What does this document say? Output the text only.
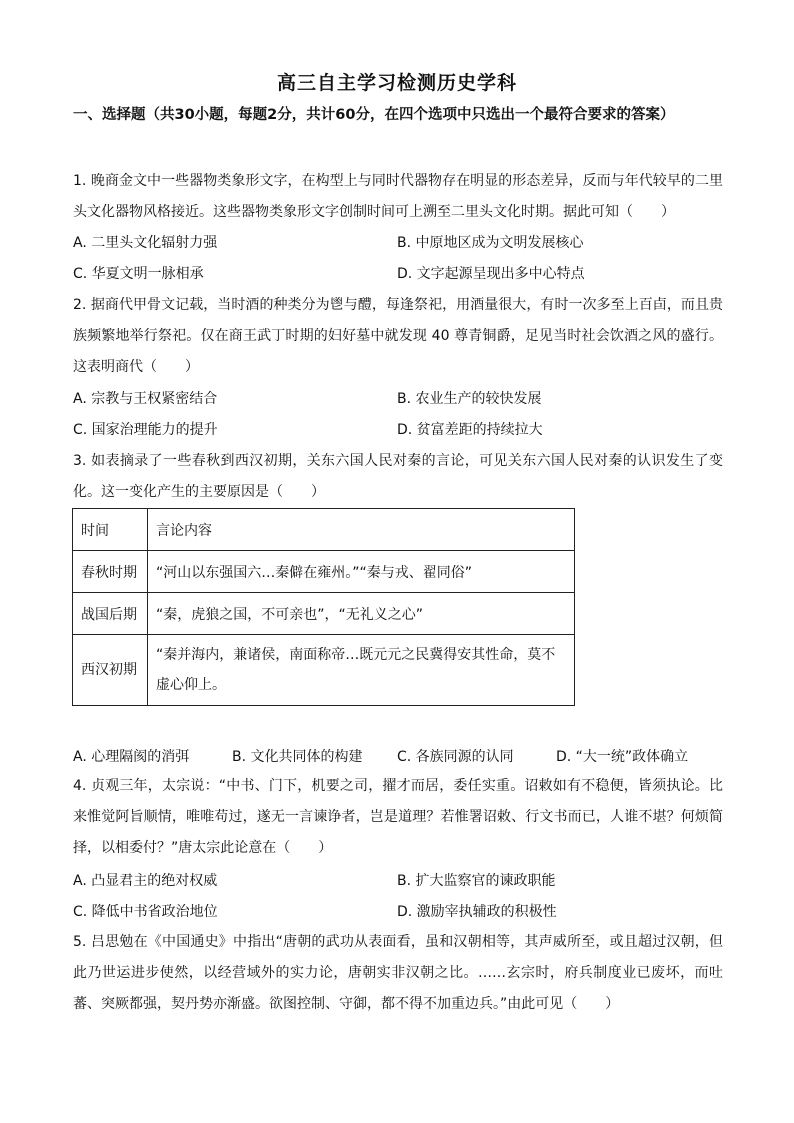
高三自主学习检测历史学科
一、选择题（共30小题，每题2分，共计60分，在四个选项中只选出一个最符合要求的答案）
1. 晚商金文中一些器物类象形文字，在构型上与同时代器物存在明显的形态差异，反而与年代较早的二里头文化器物风格接近。这些器物类象形文字创制时间可上溯至二里头文化时期。据此可知（　　）
A. 二里头文化辐射力强	B. 中原地区成为文明发展核心
C. 华夏文明一脉相承	D. 文字起源呈现出多中心特点
2. 据商代甲骨文记载，当时酒的种类分为鬯与醴，每逢祭祀，用酒量很大，有时一次多至上百卣，而且贵族频繁地举行祭祀。仅在商王武丁时期的妇好墓中就发现 40 尊青铜爵，足见当时社会饮酒之风的盛行。这表明商代（　　）
A. 宗教与王权紧密结合	B. 农业生产的较快发展
C. 国家治理能力的提升	D. 贫富差距的持续拉大
3. 如表摘录了一些春秋到西汉初期，关东六国人民对秦的言论，可见关东六国人民对秦的认识发生了变化。这一变化产生的主要原因是（　　）
时间	言论内容
春秋时期	“河山以东强国六…秦僻在雍州。”“秦与戎、翟同俗”
战国后期	“秦，虎狼之国，不可亲也”，“无礼义之心”
西汉初期	“秦并海内，兼诸侯，南面称帝…既元元之民冀得安其性命，莫不虚心仰上。
A. 心理隔阂的消弭	B. 文化共同体的构建 C. 各族同源的认同	D. “大一统”政体确立
4. 贞观三年，太宗说：“中书、门下，机要之司，擢才而居，委任实重。诏敕如有不稳便，皆须执论。比来惟觉阿旨顺情，唯唯苟过，遂无一言谏诤者，岂是道理？若惟署诏敕、行文书而已，人谁不堪？何烦简择，以相委付？”唐太宗此论意在（　　）
A. 凸显君主的绝对权威	B. 扩大监察官的谏政职能
C. 降低中书省政治地位	D. 激励宰执辅政的积极性
5. 吕思勉在《中国通史》中指出“唐朝的武功从表面看，虽和汉朝相等，其声威所至，或且超过汉朝，但此乃世运进步使然，以经营域外的实力论，唐朝实非汉朝之比。……玄宗时，府兵制度业已废坏，而吐蕃、突厥都强，契丹势亦渐盛。欲图控制、守御，都不得不加重边兵。”由此可见（　　）
